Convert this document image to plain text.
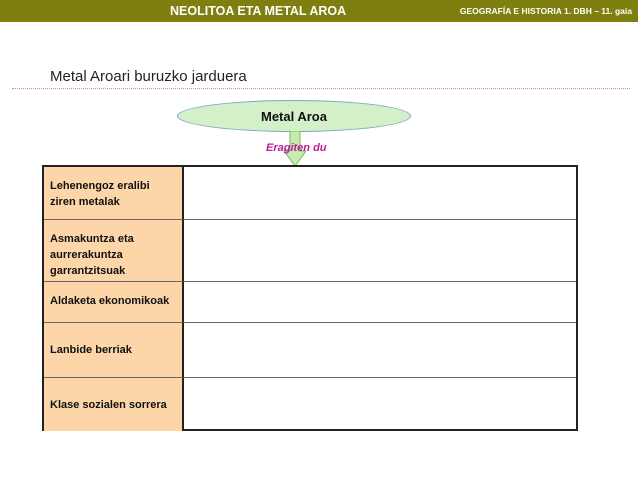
NEOLITOA ETA METAL AROA	GEOGRAFÍA E HISTORIA 1. DBH – 11. gaia
Metal Aroari buruzko jarduera
Metal Aroa
Eragiten du
Lehenengoz eralibi ziren metalak
Asmakuntza eta aurrerakuntza garrantzitsuak
Aldaketa ekonomikoak
Lanbide berriak
Klase sozialen sorrera
